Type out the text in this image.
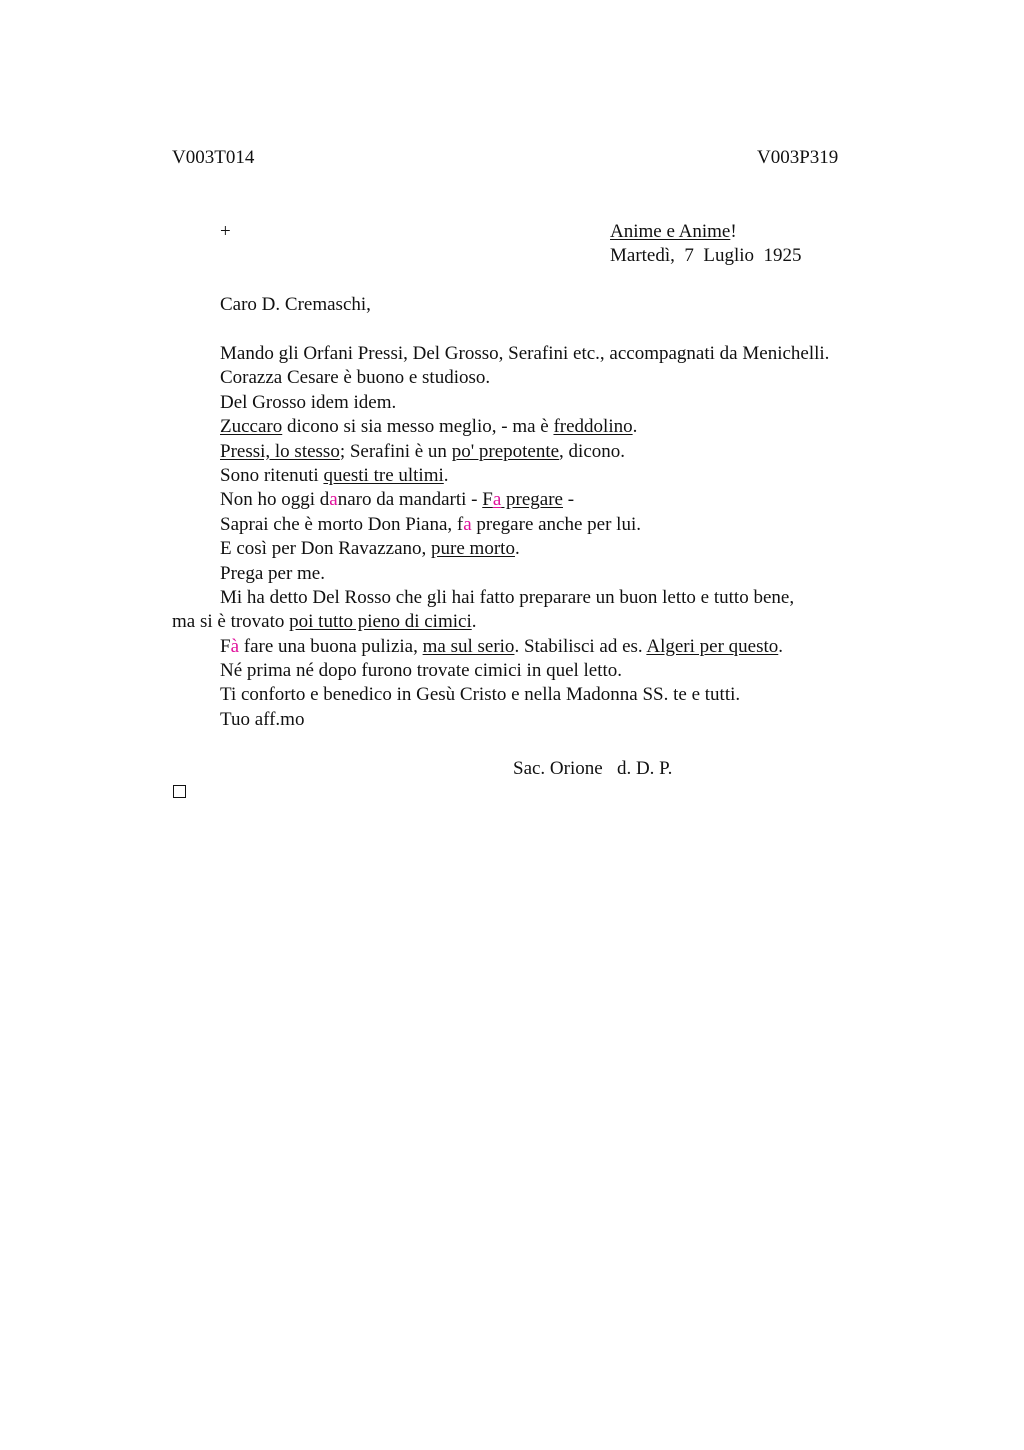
V003T014	V003P319
+	Anime e Anime!
Martedì,  7  Luglio  1925
Caro D. Cremaschi,
Mando gli Orfani Pressi, Del Grosso, Serafini etc., accompagnati da Menichelli.
Corazza Cesare è buono e studioso.
Del Grosso idem idem.
Zuccaro dicono si sia messo meglio, - ma è freddolino.
Pressi, lo stesso; Serafini è un po' prepotente, dicono.
Sono ritenuti questi tre ultimi.
Non ho oggi danaro da mandarti - Fa pregare -
Saprai che è morto Don Piana, fa pregare anche per lui.
E così per Don Ravazzano, pure morto.
Prega per me.
Mi ha detto Del Rosso che gli hai fatto preparare un buon letto e tutto bene,
ma si è trovato poi tutto pieno di cimici.
Fà fare una buona pulizia, ma sul serio. Stabilisci ad es. Algeri per questo.
Né prima né dopo furono trovate cimici in quel letto.
Ti conforto e benedico in Gesù Cristo e nella Madonna SS. te e tutti.
Tuo aff.mo
Sac. Orione   d. D. P.
